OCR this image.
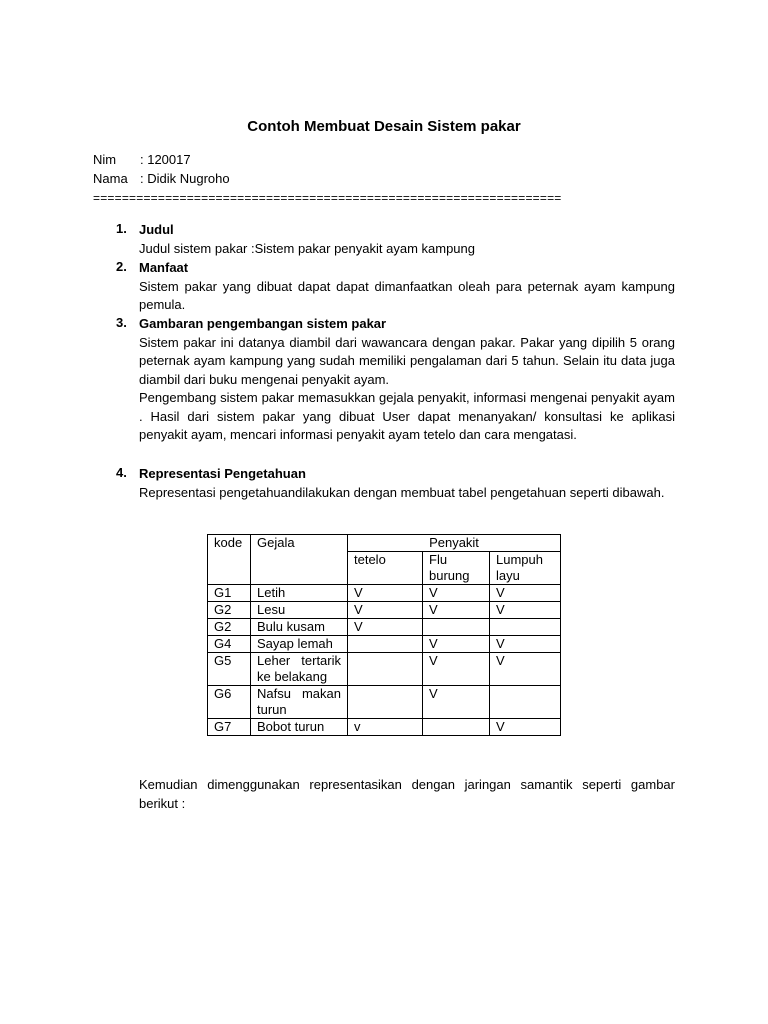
Contoh Membuat Desain Sistem pakar
Nim : 120017
Nama : Didik Nugroho
=================================================================
1. Judul
Judul sistem pakar :Sistem pakar penyakit ayam kampung
2. Manfaat
Sistem pakar yang dibuat dapat dapat dimanfaatkan oleah para peternak ayam kampung pemula.
3. Gambaran pengembangan sistem pakar
Sistem pakar ini datanya diambil dari wawancara dengan pakar. Pakar yang dipilih 5 orang peternak ayam kampung yang sudah memiliki pengalaman dari 5 tahun. Selain itu data juga diambil dari buku mengenai penyakit ayam.
Pengembang sistem pakar memasukkan gejala penyakit, informasi mengenai penyakit ayam . Hasil dari sistem pakar yang dibuat User dapat menanyakan/ konsultasi ke aplikasi penyakit ayam, mencari informasi penyakit ayam tetelo dan cara mengatasi.
4. Representasi Pengetahuan
Representasi pengetahuandilakukan dengan membuat tabel pengetahuan seperti dibawah.
kode	Gejala	Penyakit		
		tetelo	Flu burung	Lumpuh layu
G1	Letih	V	V	V
G2	Lesu	V	V	V
G2	Bulu kusam	V		
G4	Sayap lemah		V	V
G5	Leher tertarik ke belakang		V	V
G6	Nafsu makan turun		V	
G7	Bobot turun	v		V
Kemudian dimenggunakan representasikan dengan jaringan samantik seperti gambar berikut :
